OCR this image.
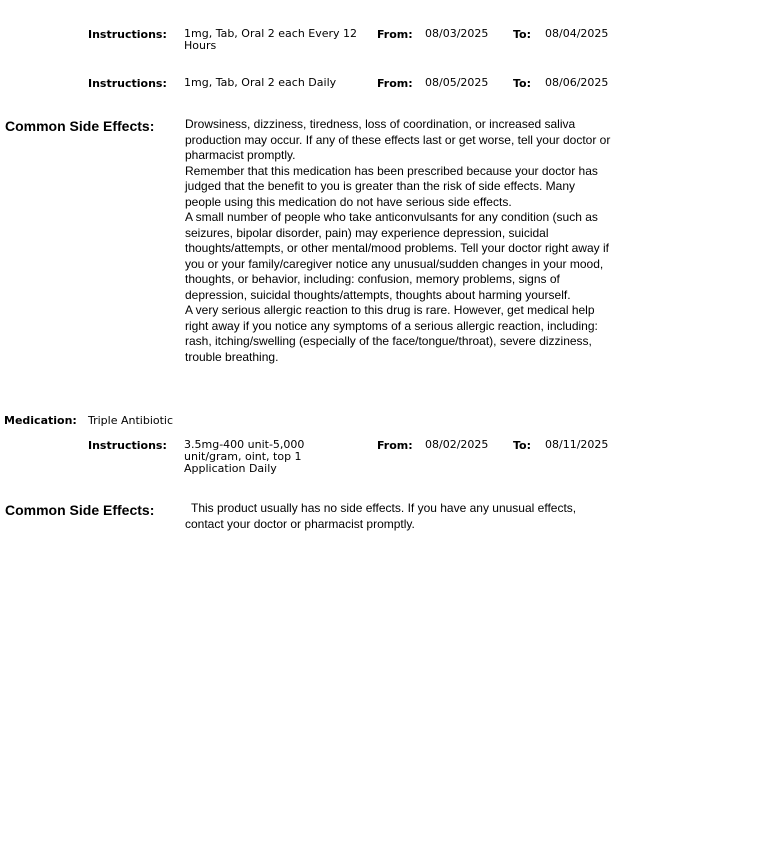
Instructions: 1mg, Tab, Oral 2 each Every 12 Hours
From: 08/03/2025 To: 08/04/2025
Instructions: 1mg, Tab, Oral 2 each Daily	From: 08/05/2025 To: 08/06/2025
Common Side Effects:	Drowsiness, dizziness, tiredness, loss of coordination, or increased saliva production may occur. If any of these effects last or get worse, tell your doctor or pharmacist promptly.

Remember that this medication has been prescribed because your doctor has judged that the benefit to you is greater than the risk of side effects. Many people using this medication do not have serious side effects.

A small number of people who take anticonvulsants for any condition (such as seizures, bipolar disorder, pain) may experience depression, suicidal thoughts/attempts, or other mental/mood problems. Tell your doctor right away if you or your family/caregiver notice any unusual/sudden changes in your mood, thoughts, or behavior, including: confusion, memory problems, signs of depression, suicidal thoughts/attempts, thoughts about harming yourself.

A very serious allergic reaction to this drug is rare. However, get medical help right away if you notice any symptoms of a serious allergic reaction, including: rash, itching/swelling (especially of the face/tongue/throat), severe dizziness, trouble breathing.

Medication: Triple Antibiotic
Instructions: 3.5mg-400 unit-5,000 unit/gram, oint, top 1 Application Daily
From: 08/02/2025 To: 08/11/2025
Common Side Effects:	This product usually has no side effects. If you have any unusual effects, contact your doctor or pharmacist promptly.
